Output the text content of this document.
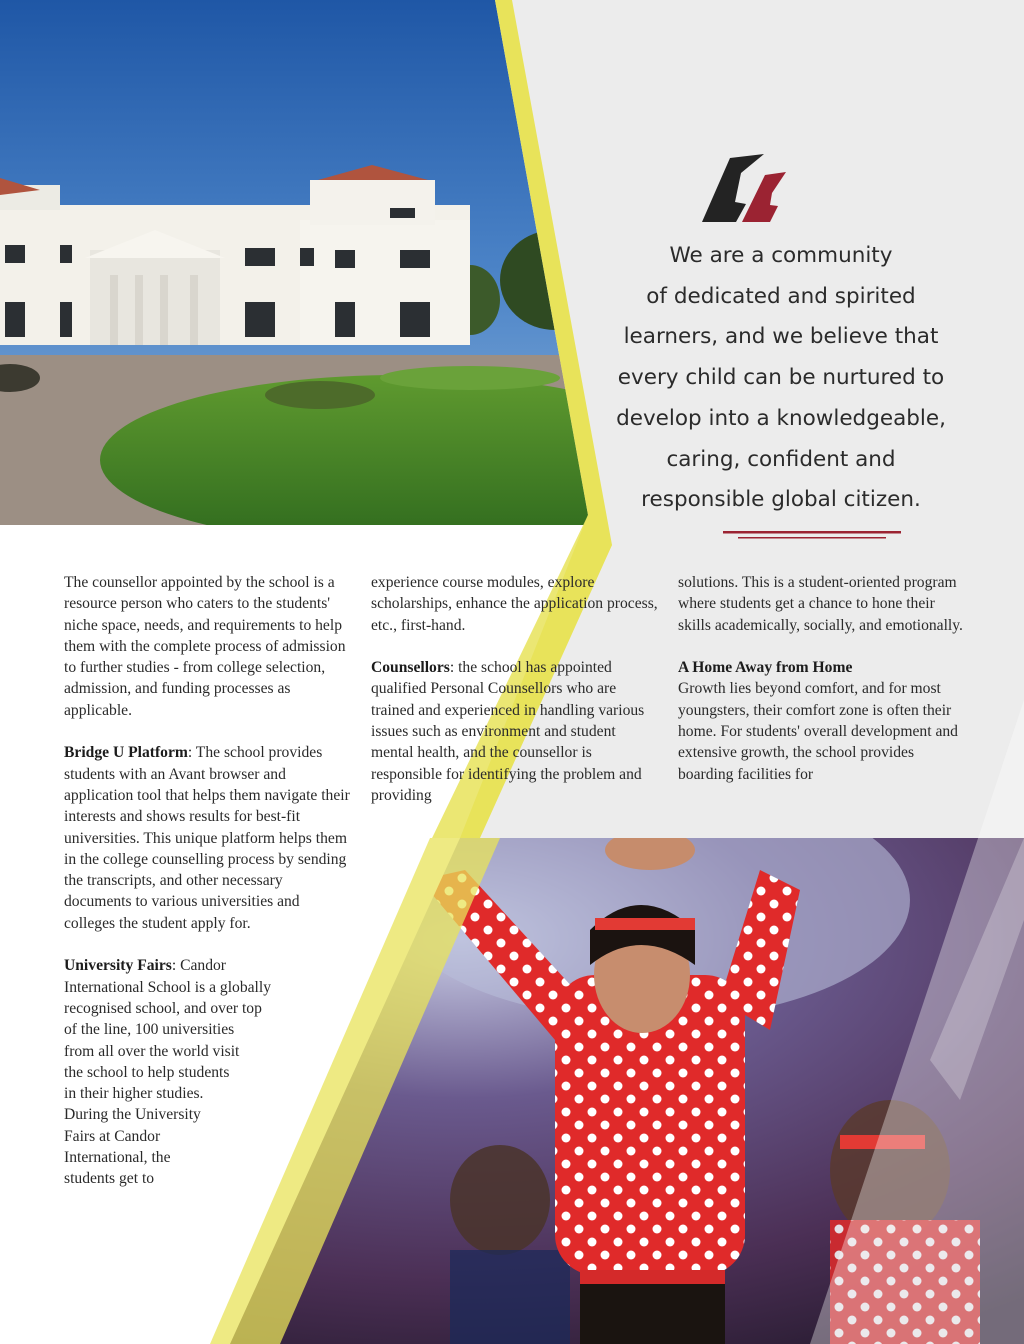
We are a community
of dedicated and spirited
learners, and we believe that
every child can be nurtured to
develop into a knowledgeable,
caring, confident and
responsible global citizen.

The counsellor appointed by the school is a resource person who caters to the students' niche space, needs, and requirements to help them with the complete process of admission to further studies - from college selection, admission, and funding processes as applicable.

Bridge U Platform: The school provides students with an Avant browser and application tool that helps them navigate their interests and shows results for best-fit universities. This unique platform helps them in the college counselling process by sending the transcripts, and other necessary documents to various universities and colleges the student apply for.

University Fairs: Candor
International School is a globally
recognised school, and over top
of the line, 100 universities
from all over the world visit
the school to help students
in their higher studies.
During the University
Fairs at Candor
International, the
students get to

experience course modules, explore scholarships, enhance the application process, etc., first-hand.

Counsellors: the school has appointed qualified Personal Counsellors who are trained and experienced in handling various issues such as environment and student mental health, and the counsellor is responsible for identifying the problem and providing

solutions. This is a student-oriented program where students get a chance to hone their skills academically, socially, and emotionally.

A Home Away from Home
Growth lies beyond comfort, and for most youngsters, their comfort zone is often their home. For students' overall development and extensive growth, the school provides boarding facilities for
